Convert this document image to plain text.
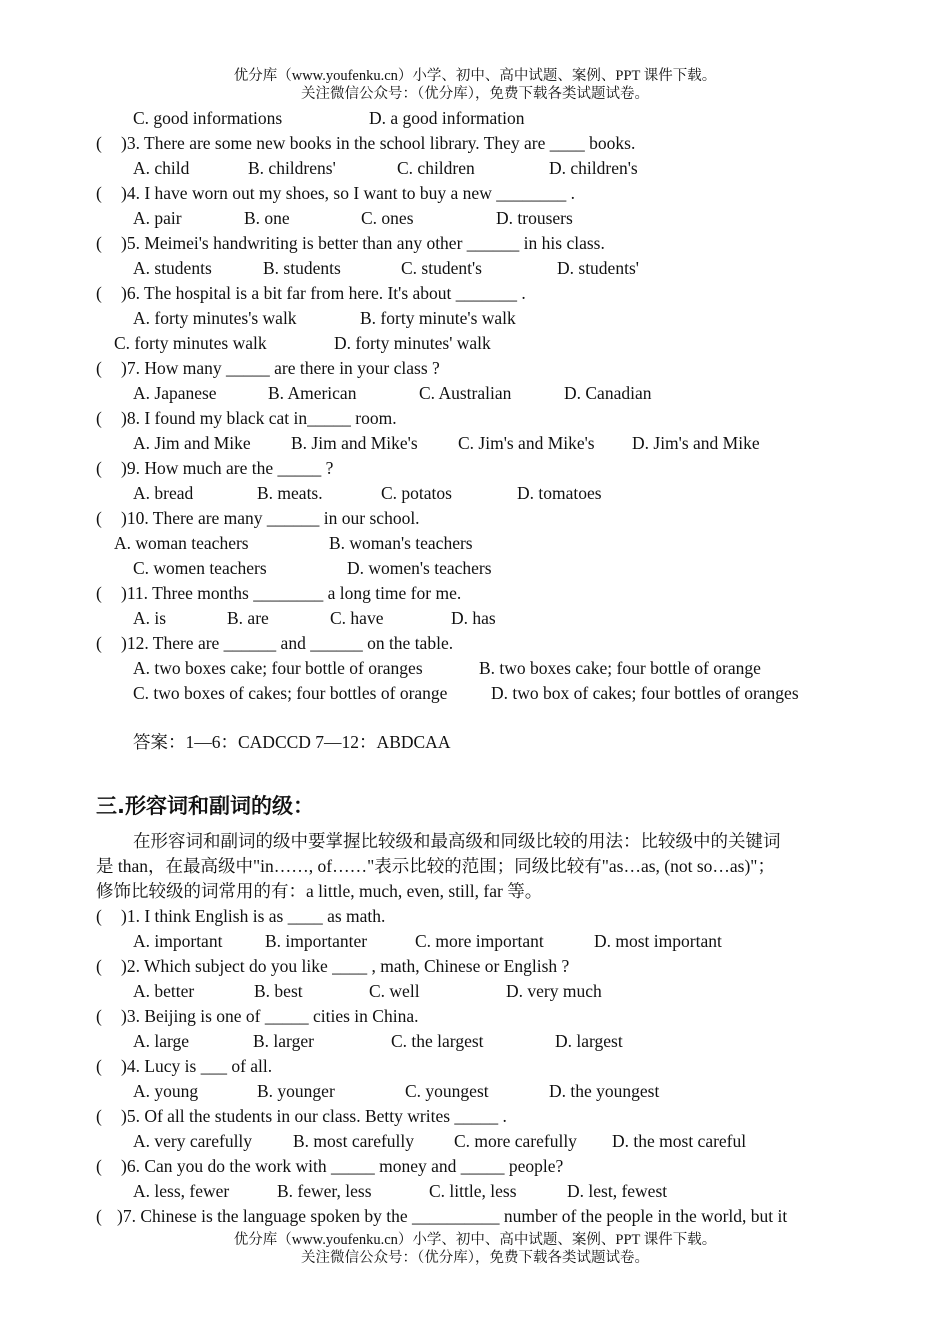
优分库（www.youfenku.cn）小学、初中、高中试题、案例、PPT 课件下载。
关注微信公众号：（优分库），免费下载各类试题试卷。
C. good informations	D. a good information
( )3. There are some new books in the school library. They are ____ books.
A. child	B. childrens'	C. children	D. children's
( )4. I have worn out my shoes, so I want to buy a new ________ .
A. pair	B. one	C. ones	D. trousers
( )5. Meimei's handwriting is better than any other ______ in his class.
A. students	B. students	C. student's	D. students'
( )6. The hospital is a bit far from here. It's about _______ .
A. forty minutes's walk	B. forty minute's walk
C. forty minutes walk	D. forty minutes' walk
( )7. How many _____ are there in your class ?
A. Japanese	B. American	C. Australian	D. Canadian
( )8. I found my black cat in_____ room.
A. Jim and Mike B. Jim and Mike's C. Jim's and Mike's D. Jim's and Mike
( )9. How much are the _____ ?
A. bread	B. meats.	C. potatos	D. tomatoes
( )10. There are many ______ in our school.
A. woman teachers	B. woman's teachers
C. women teachers	D. women's teachers
( )11. Three months ________ a long time for me.
A. is	B. are	C. have	D. has
( )12. There are ______ and ______ on the table.
A. two boxes cake; four bottle of oranges	B. two boxes cake; four bottle of orange
C. two boxes of cakes; four bottles of orange D. two box of cakes; four bottles of oranges
答案：1—6：CADCCD 7—12：ABDCAA
三.形容词和副词的级：

在形容词和副词的级中要掌握比较级和最高级和同级比较的用法：比较级中的关键词

是 than，在最高级中"in……, of……"表示比较的范围；同级比较有"as…as, (not so…as)"；

修饰比较级的词常用的有：a little, much, even, still, far 等。

( )1. I think English is as ____ as math.
A. important B. importanter	C. more important	D. most important
( )2. Which subject do you like ____ , math, Chinese or English ?
A. better	B. best	C. well	D. very much
( )3. Beijing is one of _____ cities in China.
A. large	B. larger	C. the largest	D. largest
( )4. Lucy is ___ of all.
A. young	B. younger	C. youngest	D. the youngest
( )5. Of all the students in our class. Betty writes _____ .
A. very carefully B. most carefully C. more carefully D. the most careful
( )6. Can you do the work with _____ money and _____ people?
A. less, fewer	B. fewer, less	C. little, less	D. lest, fewest
( )7. Chinese is the language spoken by the __________ number of the people in the world, but it
优分库（www.youfenku.cn）小学、初中、高中试题、案例、PPT 课件下载。
关注微信公众号：（优分库），免费下载各类试题试卷。
